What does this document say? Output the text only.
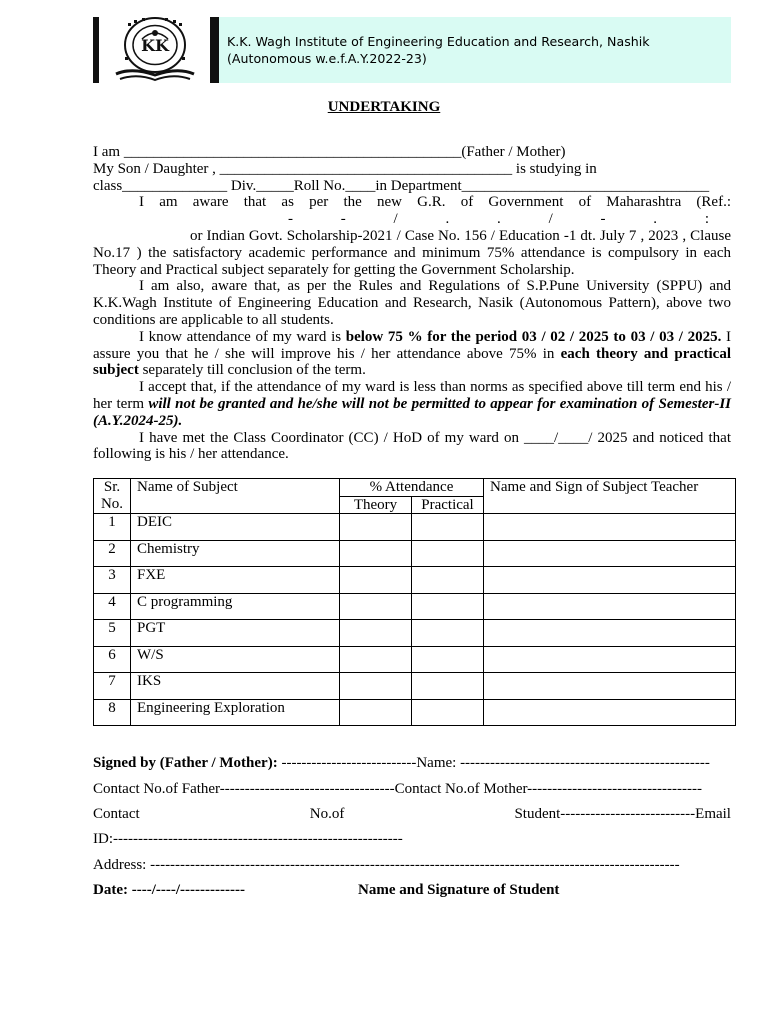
KK	K.K. Wagh Institute of Engineering Education and Research, Nashik (Autonomous w.e.f.A.Y.2022-23)
UNDERTAKING
I am _____________________________________________(Father / Mother)
My Son / Daughter , _______________________________________ is studying in
class______________ Div._____Roll No.____in Department_________________________________
I am aware that as per the new G.R. of Government of Maharashtra (Ref.:
- - / . . / - . :
or Indian Govt. Scholarship-2021 / Case No. 156 / Education -1 dt. July 7 , 2023 , Clause No.17 ) the satisfactory academic performance and minimum 75% attendance is compulsory in each Theory and Practical subject separately for getting the Government Scholarship.
I am also, aware that, as per the Rules and Regulations of S.P.Pune University (SPPU) and K.K.Wagh Institute of Engineering Education and Research, Nasik (Autonomous Pattern), above two conditions are applicable to all students.
I know attendance of my ward is below 75 % for the period 03 / 02 / 2025 to 03 / 03 / 2025. I assure you that he / she will improve his / her attendance above 75% in each theory and practical subject separately till conclusion of the term.
I accept that, if the attendance of my ward is less than norms as specified above till term end his / her term will not be granted and he/she will not be permitted to appear for examination of Semester-II (A.Y.2024-25).
I have met the Class Coordinator (CC) / HoD of my ward on ____/____/ 2025 and noticed that following is his / her attendance.
Sr.
No.	Name of Subject	% Attendance		Name and Sign of Subject Teacher
		Theory	Practical	
1	DEIC			
2	Chemistry			
3	FXE			
4	C programming			
5	PGT			
6	W/S			
7	IKS			
8	Engineering Exploration			
Signed by (Father / Mother): ---------------------------Name: --------------------------------------------------
Contact No.of Father-----------------------------------Contact No.of Mother-----------------------------------
Contact	No.of	Student---------------------------Email
ID:----------------------------------------------------------
Address: ----------------------------------------------------------------------------------------------------------
Date: ----/----/-------------	Name and Signature of Student
